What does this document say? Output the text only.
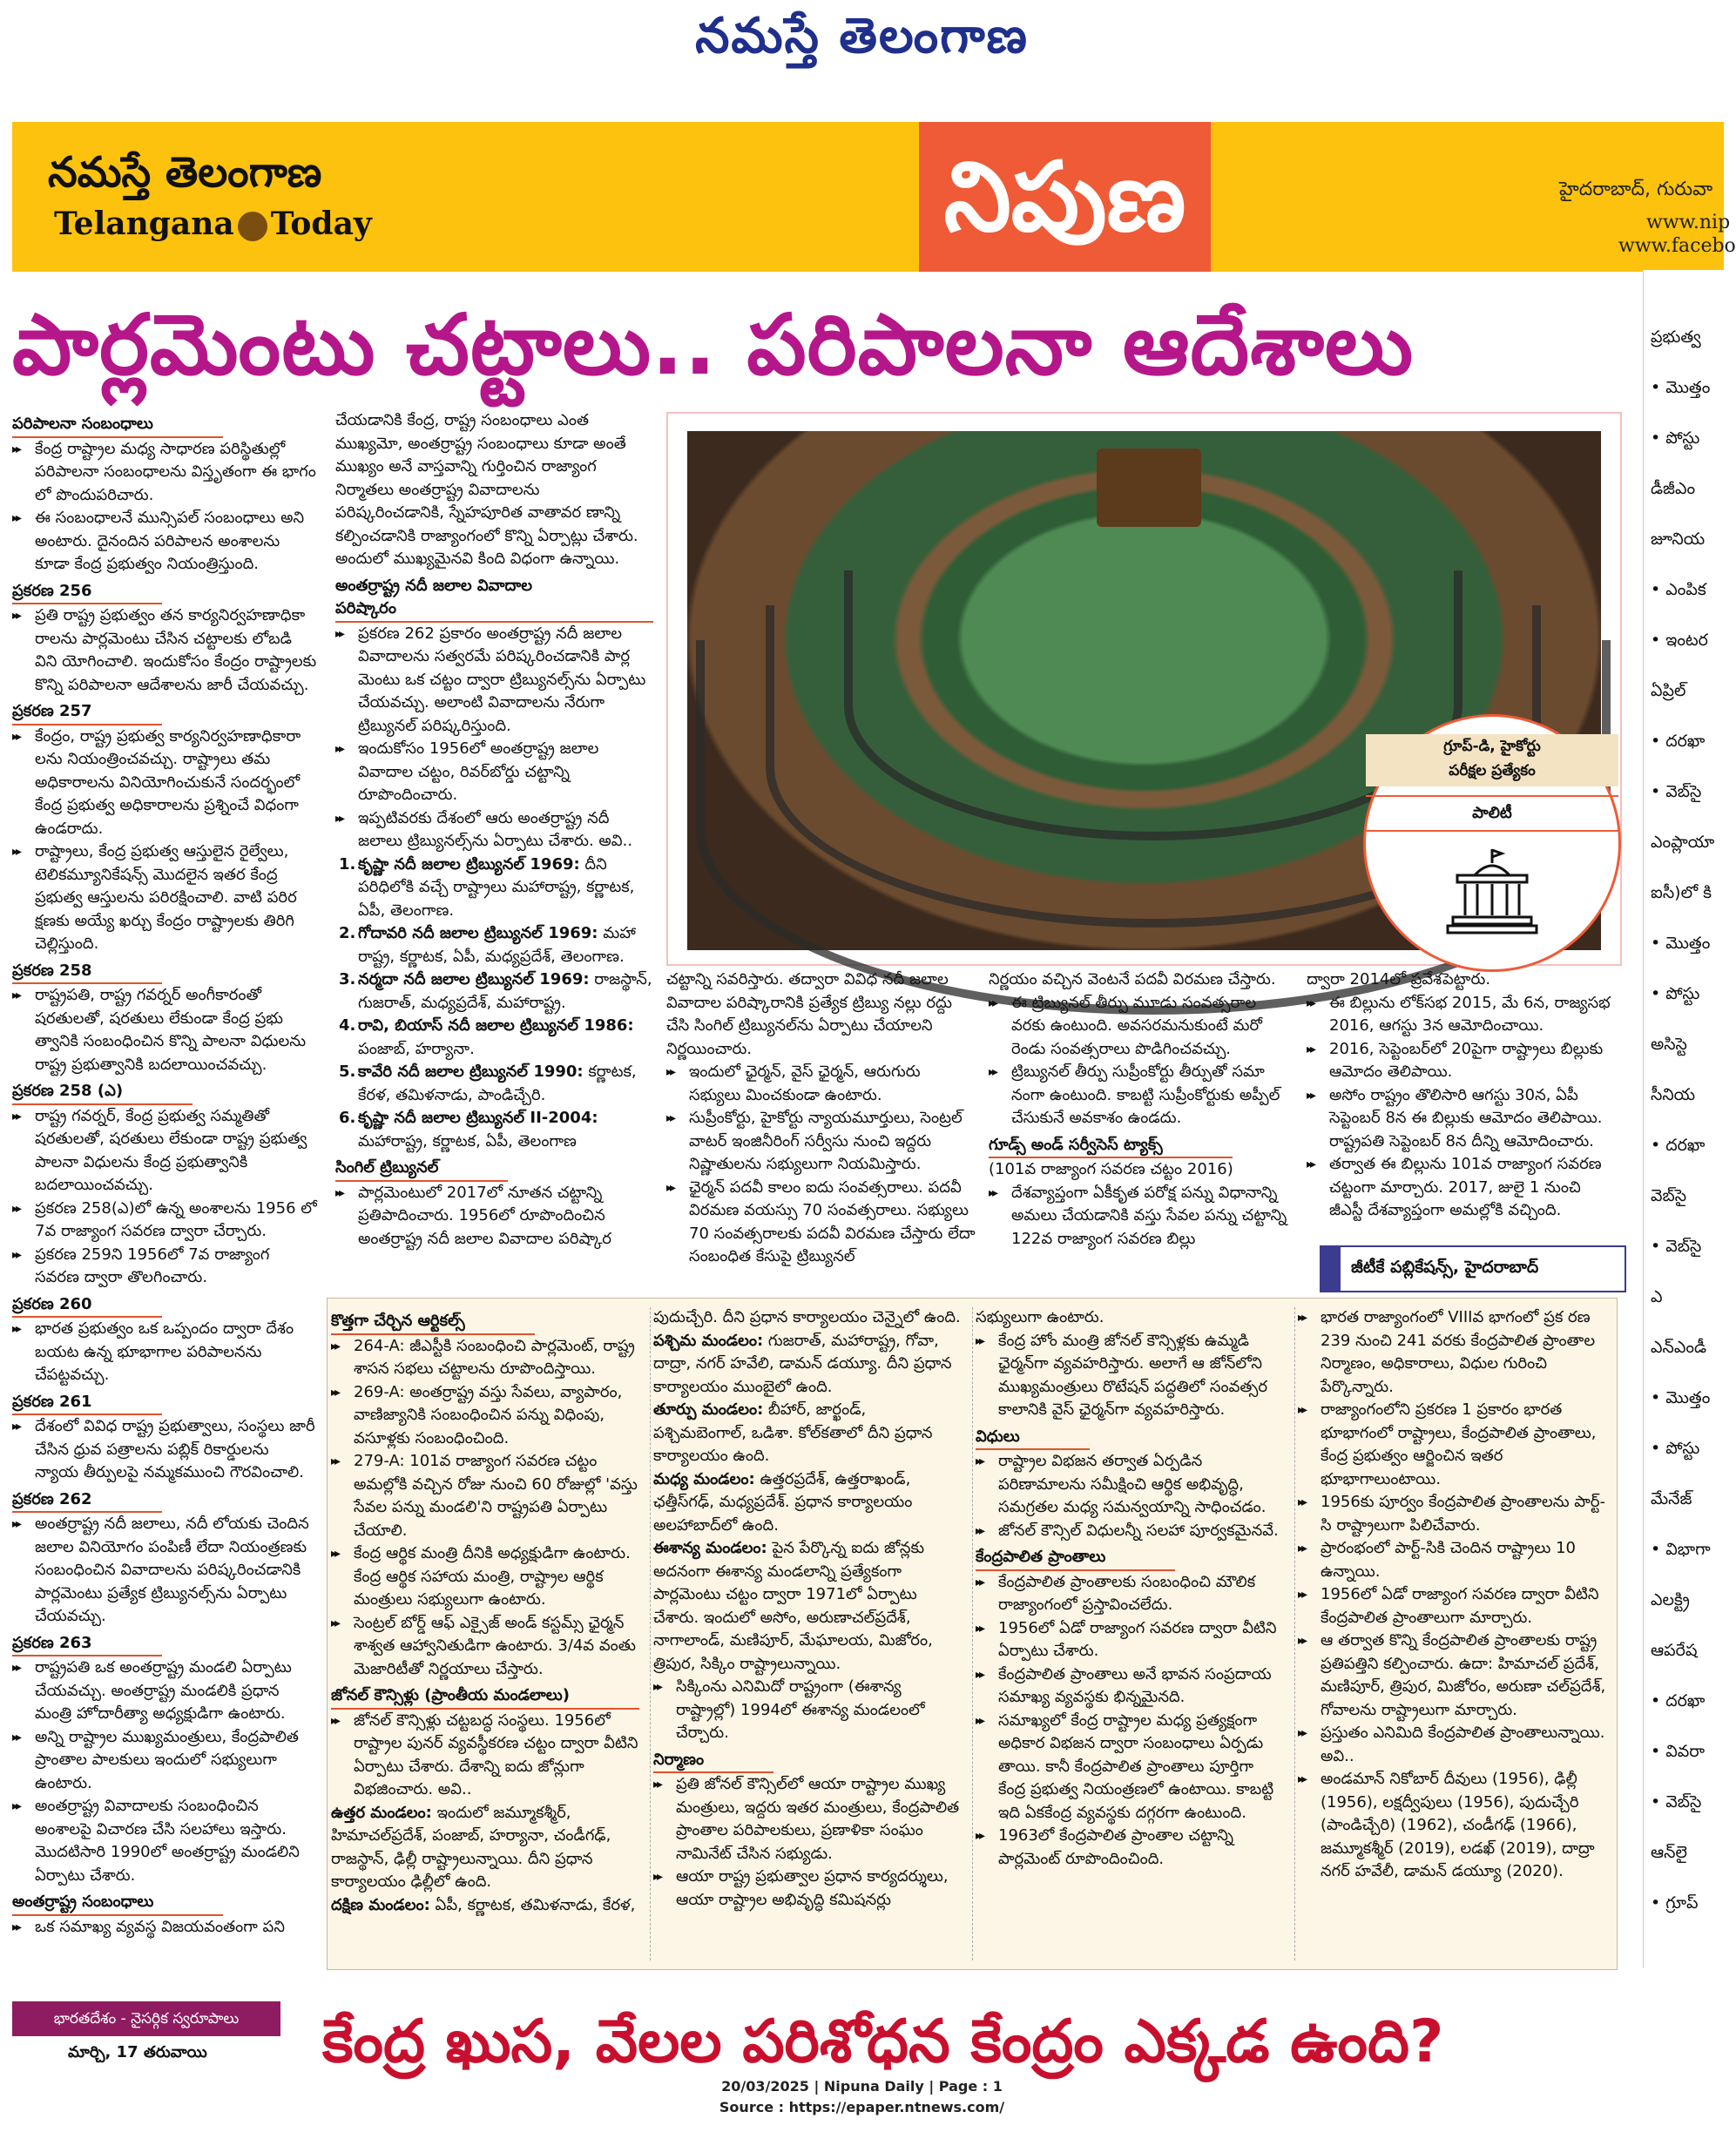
నమస్తే తెలంగాణ
నమస్తే తెలంగాణ
Telangana Today	నిపుణ	హైదరాబాద్, గురువా
www.nip
www.facebo
పార్లమెంటు చట్టాలు.. పరిపాలనా ఆదేశాలు
పరిపాలనా సంబంధాలు
▸▸ కేంద్ర రాష్ట్రాల మధ్య సాధారణ పరిస్థితుల్లో పరిపాలనా సంబంధాలను విస్తృతంగా ఈ భాగం లో పొందుపరిచారు.
▸▸ ఈ సంబంధాలనే మున్సిపల్ సంబంధాలు అని అంటారు. దైనందిన పరిపాలన అంశాలను కూడా కేంద్ర ప్రభుత్వం నియంత్రిస్తుంది.
ప్రకరణ 256
▸▸ ప్రతి రాష్ట్ర ప్రభుత్వం తన కార్యనిర్వహణాధికా రాలను పార్లమెంటు చేసిన చట్టాలకు లోబడి విని యోగించాలి. ఇందుకోసం కేంద్రం రాష్ట్రాలకు కొన్ని పరిపాలనా ఆదేశాలను జారీ చేయవచ్చు.
ప్రకరణ 257
▸▸ కేంద్రం, రాష్ట్ర ప్రభుత్వ కార్యనిర్వహణాధికారా లను నియంత్రించవచ్చు. రాష్ట్రాలు తమ అధికారాలను వినియోగించుకునే సందర్భంలో కేంద్ర ప్రభుత్వ అధికారాలను ప్రశ్నించే విధంగా ఉండరాదు.
▸▸ రాష్ట్రాలు, కేంద్ర ప్రభుత్వ ఆస్తులైన రైల్వేలు, టెలికమ్యూనికేషన్స్ మొదలైన ఇతర కేంద్ర ప్రభుత్వ ఆస్తులను పరిరక్షించాలి. వాటి పరిర క్షణకు అయ్యే ఖర్చు కేంద్రం రాష్ట్రాలకు తిరిగి చెల్లిస్తుంది.
ప్రకరణ 258
▸▸ రాష్ట్రపతి, రాష్ట్ర గవర్నర్ అంగీకారంతో షరతులతో, షరతులు లేకుండా కేంద్ర ప్రభు త్వానికి సంబంధించిన కొన్ని పాలనా విధులను రాష్ట్ర ప్రభుత్వానికి బదలాయించవచ్చు.
ప్రకరణ 258 (ఎ)
▸▸ రాష్ట్ర గవర్నర్, కేంద్ర ప్రభుత్వ సమ్మతితో షరతులతో, షరతులు లేకుండా రాష్ట్ర ప్రభుత్వ పాలనా విధులను కేంద్ర ప్రభుత్వానికి బదలాయించవచ్చు.
▸▸ ప్రకరణ 258(ఎ)లో ఉన్న అంశాలను 1956 లో 7వ రాజ్యాంగ సవరణ ద్వారా చేర్చారు.
▸▸ ప్రకరణ 259ని 1956లో 7వ రాజ్యాంగ సవరణ ద్వారా తొలగించారు.
ప్రకరణ 260
▸▸ భారత ప్రభుత్వం ఒక ఒప్పందం ద్వారా దేశం బయట ఉన్న భూభాగాల పరిపాలనను చేపట్టవచ్చు.
ప్రకరణ 261
▸▸ దేశంలో వివిధ రాష్ట్ర ప్రభుత్వాలు, సంస్థలు జారీ చేసిన ధ్రువ పత్రాలను పబ్లిక్ రికార్డులను న్యాయ తీర్పులపై నమ్మకముంచి గౌరవించాలి.
ప్రకరణ 262
▸▸ అంతర్రాష్ట్ర నదీ జలాలు, నదీ లోయకు చెందిన జలాల వినియోగం పంపిణీ లేదా నియంత్రణకు సంబంధించిన వివాదాలను పరిష్కరించడానికి పార్లమెంటు ప్రత్యేక ట్రిబ్యునల్స్‌ను ఏర్పాటు చేయవచ్చు.
ప్రకరణ 263
▸▸ రాష్ట్రపతి ఒక అంతర్రాష్ట్ర మండలి ఏర్పాటు చేయవచ్చు. అంతర్రాష్ట్ర మండలికి ప్రధాన మంత్రి హోదారీత్యా అధ్యక్షుడిగా ఉంటారు.
▸▸ అన్ని రాష్ట్రాల ముఖ్యమంత్రులు, కేంద్రపాలిత ప్రాంతాల పాలకులు ఇందులో సభ్యులుగా ఉంటారు.
▸▸ అంతర్రాష్ట్ర వివాదాలకు సంబంధించిన అంశాలపై విచారణ చేసి సలహాలు ఇస్తారు. మొదటిసారి 1990లో అంతర్రాష్ట్ర మండలిని ఏర్పాటు చేశారు.
అంతర్రాష్ట్ర సంబంధాలు
▸▸ ఒక సమాఖ్య వ్యవస్థ విజయవంతంగా పని
చేయడానికి కేంద్ర, రాష్ట్ర సంబంధాలు ఎంత ముఖ్యమో, అంతర్రాష్ట్ర సంబంధాలు కూడా అంతే ముఖ్యం అనే వాస్తవాన్ని గుర్తించిన రాజ్యాంగ నిర్మాతలు అంతర్రాష్ట్ర వివాదాలను పరిష్కరించడానికి, స్నేహపూరిత వాతావర ణాన్ని కల్పించడానికి రాజ్యాంగంలో కొన్ని ఏర్పాట్లు చేశారు. అందులో ముఖ్యమైనవి కింది విధంగా ఉన్నాయి.
అంతర్రాష్ట్ర నదీ జలాల వివాదాల పరిష్కారం
▸▸ ప్రకరణ 262 ప్రకారం అంతర్రాష్ట్ర నదీ జలాల వివాదాలను సత్వరమే పరిష్కరించడానికి పార్ల మెంటు ఒక చట్టం ద్వారా ట్రిబ్యునల్స్‌ను ఏర్పాటు చేయవచ్చు. అలాంటి వివాదాలను నేరుగా ట్రిబ్యునల్ పరిష్కరిస్తుంది.
▸▸ ఇందుకోసం 1956లో అంతర్రాష్ట్ర జలాల వివాదాల చట్టం, రివర్‌బోర్డు చట్టాన్ని రూపొందించారు.
▸▸ ఇప్పటివరకు దేశంలో ఆరు అంతర్రాష్ట్ర నదీ జలాలు ట్రిబ్యునల్స్‌ను ఏర్పాటు చేశారు. అవి..
1. కృష్ణా నదీ జలాల ట్రిబ్యునల్ 1969: దీని పరిధిలోకి వచ్చే రాష్ట్రాలు మహారాష్ట్ర, కర్ణాటక, ఏపీ, తెలంగాణ.
2. గోదావరి నదీ జలాల ట్రిబ్యునల్ 1969: మహా రాష్ట్ర, కర్ణాటక, ఏపీ, మధ్యప్రదేశ్, తెలంగాణ.
3. నర్మదా నదీ జలాల ట్రిబ్యునల్ 1969: రాజస్థాన్, గుజరాత్, మధ్యప్రదేశ్, మహారాష్ట్ర.
4. రావి, బియాస్ నదీ జలాల ట్రిబ్యునల్ 1986: పంజాబ్, హర్యానా.
5. కావేరి నదీ జలాల ట్రిబ్యునల్ 1990: కర్ణాటక, కేరళ, తమిళనాడు, పాండిచ్చేరి.
6. కృష్ణా నదీ జలాల ట్రిబ్యునల్ II-2004: మహారాష్ట్ర, కర్ణాటక, ఏపీ, తెలంగాణ
సింగిల్ ట్రిబ్యునల్
▸▸ పార్లమెంటులో 2017లో నూతన చట్టాన్ని ప్రతిపాదించారు. 1956లో రూపొందించిన అంతర్రాష్ట్ర నదీ జలాల వివాదాల పరిష్కార
గ్రూప్-డి, హైకోర్టు
పరీక్షల ప్రత్యేకం
పాలిటీ
చట్టాన్ని సవరిస్తారు. తద్వారా వివిధ నదీ జలాల వివాదాల పరిష్కారానికి ప్రత్యేక ట్రిబ్యు నల్లు రద్దు చేసి సింగిల్ ట్రిబ్యునల్‌ను ఏర్పాటు చేయాలని నిర్ణయించారు.
▸▸ ఇందులో ఛైర్మన్, వైస్ ఛైర్మన్, ఆరుగురు సభ్యులు మించకుండా ఉంటారు.
▸▸ సుప్రీంకోర్టు, హైకోర్టు న్యాయమూర్తులు, సెంట్రల్ వాటర్ ఇంజినీరింగ్ సర్వీసు నుంచి ఇద్దరు నిష్ణాతులను సభ్యులుగా నియమిస్తారు.
▸▸ ఛైర్మన్ పదవీ కాలం ఐదు సంవత్సరాలు. పదవీ విరమణ వయస్సు 70 సంవత్సరాలు. సభ్యులు 70 సంవత్సరాలకు పదవీ విరమణ చేస్తారు లేదా సంబంధిత కేసుపై ట్రిబ్యునల్
నిర్ణయం వచ్చిన వెంటనే పదవీ విరమణ చేస్తారు.
▸▸ ఈ ట్రిబ్యునల్ తీర్పు మూడు సంవత్సరాల వరకు ఉంటుంది. అవసరమనుకుంటే మరో రెండు సంవత్సరాలు పొడిగించవచ్చు.
▸▸ ట్రిబ్యునల్ తీర్పు సుప్రీంకోర్టు తీర్పుతో సమా నంగా ఉంటుంది. కాబట్టి సుప్రీంకోర్టుకు అప్పీల్ చేసుకునే అవకాశం ఉండదు.
గూడ్స్ అండ్ సర్వీసెస్ ట్యాక్స్
(101వ రాజ్యాంగ సవరణ చట్టం 2016)
▸▸ దేశవ్యాప్తంగా ఏకీకృత పరోక్ష పన్ను విధానాన్ని అమలు చేయడానికి వస్తు సేవల పన్ను చట్టాన్ని 122వ రాజ్యాంగ సవరణ బిల్లు
ద్వారా 2014లో ప్రవేశపెట్టారు.
▸▸ ఈ బిల్లును లోక్‌సభ 2015, మే 6న, రాజ్యసభ 2016, ఆగస్టు 3న ఆమోదించాయి.
▸▸ 2016, సెప్టెంబర్‌లో 20పైగా రాష్ట్రాలు బిల్లుకు ఆమోదం తెలిపాయి.
▸▸ అసోం రాష్ట్రం తొలిసారి ఆగస్టు 30న, ఏపీ సెప్టెంబర్ 8న ఈ బిల్లుకు ఆమోదం తెలిపాయి. రాష్ట్రపతి సెప్టెంబర్ 8న దీన్ని ఆమోదించారు.
▸▸ తర్వాత ఈ బిల్లును 101వ రాజ్యాంగ సవరణ చట్టంగా మార్చారు. 2017, జులై 1 నుంచి జీఎస్టీ దేశవ్యాప్తంగా అమల్లోకి వచ్చింది.
జీటీకే పబ్లికేషన్స్, హైదరాబాద్
కొత్తగా చేర్చిన ఆర్టికల్స్
▸▸ 264-A: జీఎస్టీకి సంబంధించి పార్లమెంట్, రాష్ట్ర శాసన సభలు చట్టాలను రూపొందిస్తాయి.
▸▸ 269-A: అంతర్రాష్ట్ర వస్తు సేవలు, వ్యాపారం, వాణిజ్యానికి సంబంధించిన పన్ను విధింపు, వసూళ్లకు సంబంధించింది.
▸▸ 279-A: 101వ రాజ్యాంగ సవరణ చట్టం అమల్లోకి వచ్చిన రోజు నుంచి 60 రోజుల్లో 'వస్తు సేవల పన్ను మండలి'ని రాష్ట్రపతి ఏర్పాటు చేయాలి.
▸▸ కేంద్ర ఆర్థిక మంత్రి దీనికి అధ్యక్షుడిగా ఉంటారు. కేంద్ర ఆర్థిక సహాయ మంత్రి, రాష్ట్రాల ఆర్థిక మంత్రులు సభ్యులుగా ఉంటారు.
▸▸ సెంట్రల్ బోర్డ్ ఆఫ్ ఎక్సైజ్ అండ్ కస్టమ్స్ ఛైర్మన్ శాశ్వత ఆహ్వానితుడిగా ఉంటారు. 3/4వ వంతు మెజారిటీతో నిర్ణయాలు చేస్తారు.
జోనల్ కౌన్సిళ్లు (ప్రాంతీయ మండలాలు)
▸▸ జోనల్ కౌన్సిళ్లు చట్టబద్ధ సంస్థలు. 1956లో రాష్ట్రాల పునర్ వ్యవస్థీకరణ చట్టం ద్వారా వీటిని ఏర్పాటు చేశారు. దేశాన్ని ఐదు జోన్లుగా విభజించారు. అవి..
ఉత్తర మండలం: ఇందులో జమ్మూకశ్మీర్, హిమాచల్‌ప్రదేశ్, పంజాబ్, హర్యానా, చండీగఢ్, రాజస్థాన్, ఢిల్లీ రాష్ట్రాలున్నాయి. దీని ప్రధాన కార్యాలయం ఢిల్లీలో ఉంది.
దక్షిణ మండలం: ఏపీ, కర్ణాటక, తమిళనాడు, కేరళ,
పుదుచ్చేరి. దీని ప్రధాన కార్యాలయం చెన్నైలో ఉంది.
పశ్చిమ మండలం: గుజరాత్, మహారాష్ట్ర, గోవా, దాద్రా, నగర్ హవేలి, డామన్ డయ్యూ. దీని ప్రధాన కార్యాలయం ముంబైలో ఉంది.
తూర్పు మండలం: బీహార్, జార్ఖండ్, పశ్చిమబెంగాల్, ఒడిశా. కోల్‌కతాలో దీని ప్రధాన కార్యాలయం ఉంది.
మధ్య మండలం: ఉత్తరప్రదేశ్, ఉత్తరాఖండ్, ఛత్తీస్‌గఢ్, మధ్యప్రదేశ్. ప్రధాన కార్యాలయం అలహాబాద్‌లో ఉంది.
ఈశాన్య మండలం: పైన పేర్కొన్న ఐదు జోన్లకు అదనంగా ఈశాన్య మండలాన్ని ప్రత్యేకంగా పార్లమెంటు చట్టం ద్వారా 1971లో ఏర్పాటు చేశారు. ఇందులో అసోం, అరుణాచల్‌ప్రదేశ్, నాగాలాండ్, మణిపూర్, మేఘాలయ, మిజోరం, త్రిపుర, సిక్కిం రాష్ట్రాలున్నాయి.
▸▸ సిక్కింను ఎనిమిదో రాష్ట్రంగా (ఈశాన్య రాష్ట్రాల్లో) 1994లో ఈశాన్య మండలంలో చేర్చారు.
నిర్మాణం
▸▸ ప్రతి జోనల్ కౌన్సిల్‌లో ఆయా రాష్ట్రాల ముఖ్య మంత్రులు, ఇద్దరు ఇతర మంత్రులు, కేంద్రపాలిత ప్రాంతాల పరిపాలకులు, ప్రణాళికా సంఘం నామినేట్ చేసిన సభ్యుడు.
▸▸ ఆయా రాష్ట్ర ప్రభుత్వాల ప్రధాన కార్యదర్శులు, ఆయా రాష్ట్రాల అభివృద్ధి కమిషనర్లు
సభ్యులుగా ఉంటారు.
▸▸ కేంద్ర హోం మంత్రి జోనల్ కౌన్సిళ్లకు ఉమ్మడి ఛైర్మన్‌గా వ్యవహరిస్తారు. అలాగే ఆ జోన్‌లోని ముఖ్యమంత్రులు రొటేషన్ పద్ధతిలో సంవత్సర కాలానికి వైస్ ఛైర్మన్‌గా వ్యవహరిస్తారు.
విధులు
▸▸ రాష్ట్రాల విభజన తర్వాత ఏర్పడిన పరిణామాలను సమీక్షించి ఆర్థిక అభివృద్ధి, సమగ్రతల మధ్య సమన్వయాన్ని సాధించడం.
▸▸ జోనల్ కౌన్సిల్ విధులన్నీ సలహా పూర్వకమైనవే.
కేంద్రపాలిత ప్రాంతాలు
▸▸ కేంద్రపాలిత ప్రాంతాలకు సంబంధించి మౌలిక రాజ్యాంగంలో ప్రస్తావించలేదు.
▸▸ 1956లో ఏడో రాజ్యాంగ సవరణ ద్వారా వీటిని ఏర్పాటు చేశారు.
▸▸ కేంద్రపాలిత ప్రాంతాలు అనే భావన సంప్రదాయ సమాఖ్య వ్యవస్థకు భిన్నమైనది.
▸▸ సమాఖ్యలో కేంద్ర రాష్ట్రాల మధ్య ప్రత్యక్షంగా అధికార విభజన ద్వారా సంబంధాలు ఏర్పడు తాయి. కానీ కేంద్రపాలిత ప్రాంతాలు పూర్తిగా కేంద్ర ప్రభుత్వ నియంత్రణలో ఉంటాయి. కాబట్టి ఇది ఏకకేంద్ర వ్యవస్థకు దగ్గరగా ఉంటుంది.
▸▸ 1963లో కేంద్రపాలిత ప్రాంతాల చట్టాన్ని పార్లమెంట్ రూపొందించింది.
▸▸ భారత రాజ్యాంగంలో VIIIవ భాగంలో ప్రక రణ 239 నుంచి 241 వరకు కేంద్రపాలిత ప్రాంతాల నిర్మాణం, అధికారాలు, విధుల గురించి పేర్కొన్నారు.
▸▸ రాజ్యాంగంలోని ప్రకరణ 1 ప్రకారం భారత భూభాగంలో రాష్ట్రాలు, కేంద్రపాలిత ప్రాంతాలు, కేంద్ర ప్రభుత్వం ఆర్జించిన ఇతర భూభాగాలుంటాయి.
▸▸ 1956కు పూర్వం కేంద్రపాలిత ప్రాంతాలను పార్ట్-సి రాష్ట్రాలుగా పిలిచేవారు.
▸▸ ప్రారంభంలో పార్ట్-సికి చెందిన రాష్ట్రాలు 10 ఉన్నాయి.
▸▸ 1956లో ఏడో రాజ్యాంగ సవరణ ద్వారా వీటిని కేంద్రపాలిత ప్రాంతాలుగా మార్చారు.
▸▸ ఆ తర్వాత కొన్ని కేంద్రపాలిత ప్రాంతాలకు రాష్ట్ర ప్రతిపత్తిని కల్పించారు. ఉదా: హిమాచల్ ప్రదేశ్, మణిపూర్, త్రిపుర, మిజోరం, అరుణా చల్‌ప్రదేశ్, గోవాలను రాష్ట్రాలుగా మార్చారు.
▸▸ ప్రస్తుతం ఎనిమిది కేంద్రపాలిత ప్రాంతాలున్నాయి. అవి..
▸▸ అండమాన్ నికోబార్ దీవులు (1956), ఢిల్లీ (1956), లక్షద్వీపులు (1956), పుదుచ్చేరి (పాండిచ్చేరి) (1962), చండీగఢ్ (1966), జమ్మూకశ్మీర్ (2019), లడఖ్ (2019), దాద్రా నగర్ హవేలీ, డామన్ డయ్యూ (2020).
ప్రభుత్వ
• మొత్తం
• పోస్టు
డీజీఎం
జూనియ
• ఎంపిక
• ఇంటర
ఏప్రిల్
• దరఖా
• వెబ్‌సై
ఎంప్లాయా
ఐసీ)లో కి
• మొత్తం
• పోస్టు
అసిస్టె
సీనియ
• దరఖా
వెబ్‌సై
• వెబ్‌సై
ఎ
ఎన్‌ఎండీ
• మొత్తం
• పోస్టు
మేనేజ్
• విభాగా
ఎలక్ట్రి
ఆపరేష
• దరఖా
• వివరా
• వెబ్‌సై
ఆన్‌లై
• గ్రూప్
భారతదేశం - నైసర్గిక స్వరూపాలు
మార్చి, 17 తరువాయి కేంద్ర ఖుస, వేలల పరిశోధన కేంద్రం ఎక్కడ ఉంది?
20/03/2025 | Nipuna Daily | Page : 1
Source : https://epaper.ntnews.com/
